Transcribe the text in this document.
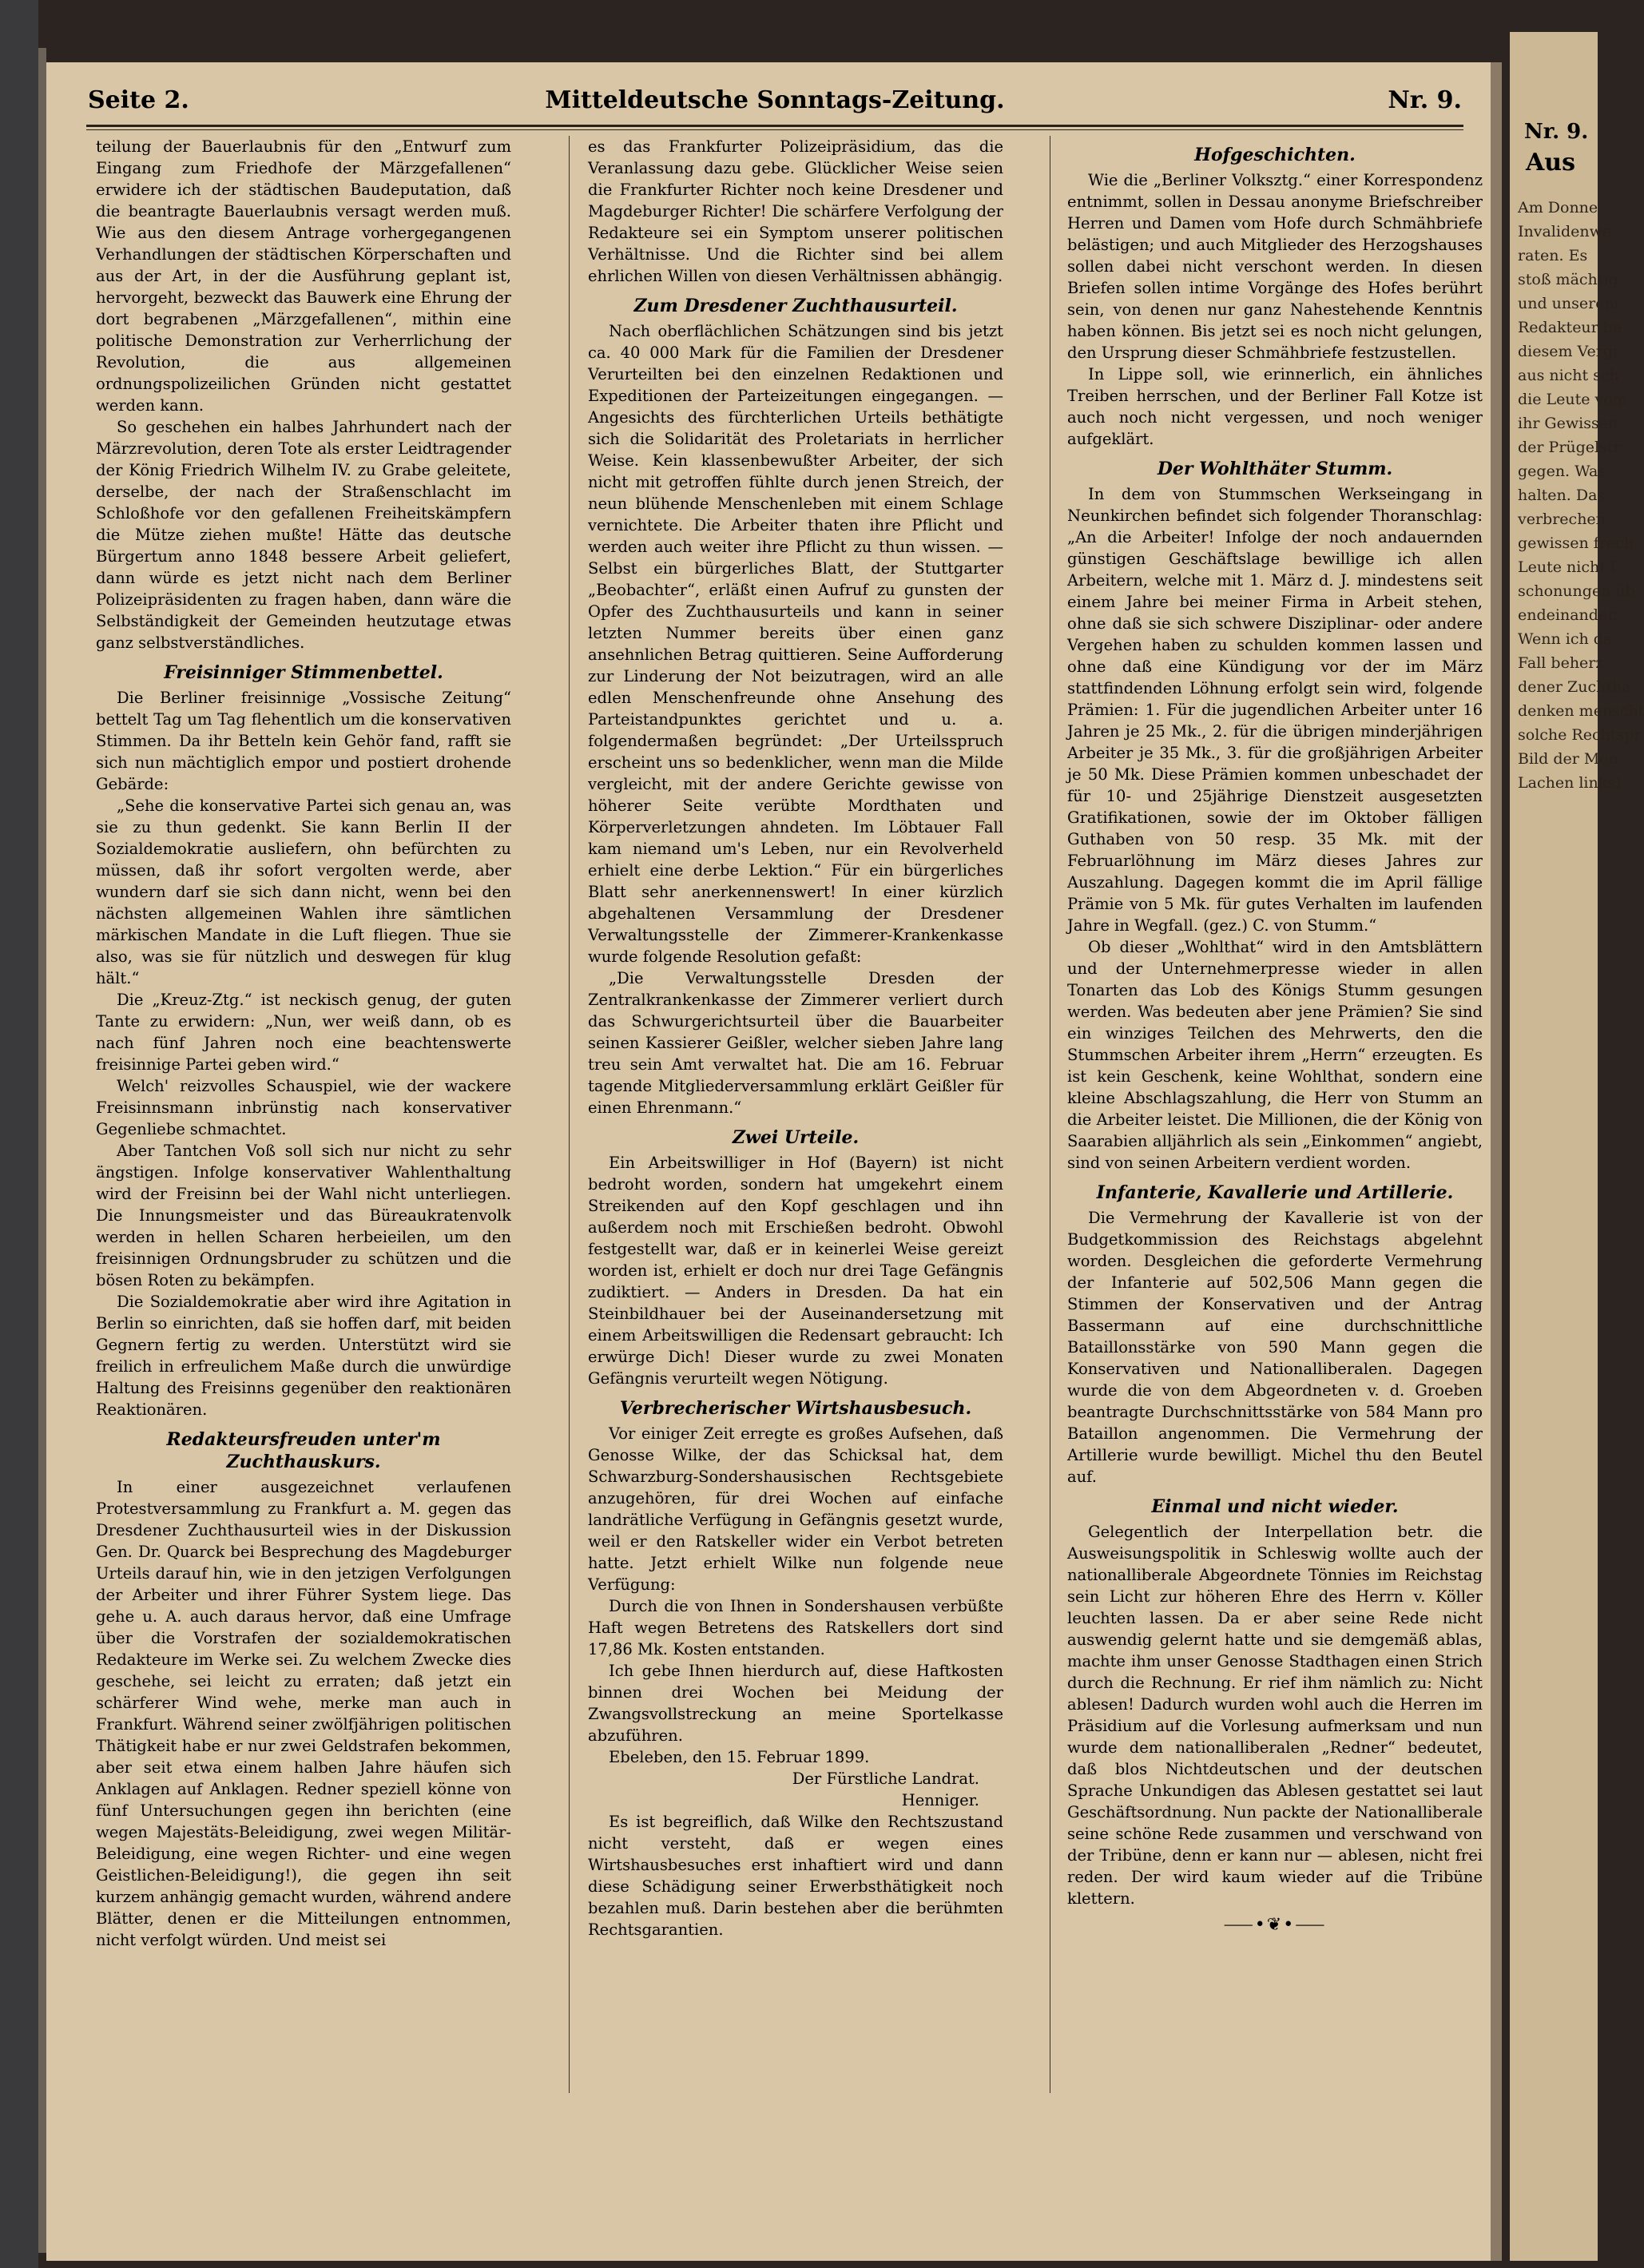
Nr. 9.
Aus
Am Donne
Invalidenwe
raten. Es
stoß mächtig
und unserem
Redakteur be
diesem Vergi
aus nicht sch
die Leute vom
ihr Gewissen
der Prügelstr
gegen. Was
halten. Das
verbrechen
gewissen frech
Leute nicht f
schonungen üb
endeinander.
Wenn ich da
Fall beherz
dener Zuchtha
denken menscht
solche Rechtspr
Bild der Men
Lachen links)
Seite 2.	Mitteldeutsche Sonntags-Zeitung.	Nr. 9.

teilung der Bauerlaubnis für den „Entwurf zum Eingang zum Friedhofe der Märzgefallenen“ erwidere ich der städtischen Baudeputation, daß die beantragte Bauerlaubnis versagt werden muß. Wie aus den diesem Antrage vorhergegangenen Verhandlungen der städtischen Körperschaften und aus der Art, in der die Ausführung geplant ist, hervorgeht, bezweckt das Bauwerk eine Ehrung der dort begrabenen „Märzgefallenen“, mithin eine politische Demonstration zur Verherrlichung der Revolution, die aus allgemeinen ordnungspolizeilichen Gründen nicht gestattet werden kann.

So geschehen ein halbes Jahrhundert nach der Märzrevolution, deren Tote als erster Leidtragender der König Friedrich Wilhelm IV. zu Grabe geleitete, derselbe, der nach der Straßenschlacht im Schloßhofe vor den gefallenen Freiheitskämpfern die Mütze ziehen mußte! Hätte das deutsche Bürgertum anno 1848 bessere Arbeit geliefert, dann würde es jetzt nicht nach dem Berliner Polizeipräsidenten zu fragen haben, dann wäre die Selbständigkeit der Gemeinden heutzutage etwas ganz selbstverständliches.

Freisinniger Stimmenbettel.

Die Berliner freisinnige „Vossische Zeitung“ bettelt Tag um Tag flehentlich um die konservativen Stimmen. Da ihr Betteln kein Gehör fand, rafft sie sich nun mächtiglich empor und postiert drohende Gebärde:

„Sehe die konservative Partei sich genau an, was sie zu thun gedenkt. Sie kann Berlin II der Sozialdemokratie ausliefern, ohn befürchten zu müssen, daß ihr sofort vergolten werde, aber wundern darf sie sich dann nicht, wenn bei den nächsten allgemeinen Wahlen ihre sämtlichen märkischen Mandate in die Luft fliegen. Thue sie also, was sie für nützlich und deswegen für klug hält.“

Die „Kreuz-Ztg.“ ist neckisch genug, der guten Tante zu erwidern: „Nun, wer weiß dann, ob es nach fünf Jahren noch eine beachtenswerte freisinnige Partei geben wird.“

Welch' reizvolles Schauspiel, wie der wackere Freisinnsmann inbrünstig nach konservativer Gegenliebe schmachtet.

Aber Tantchen Voß soll sich nur nicht zu sehr ängstigen. Infolge konservativer Wahlenthaltung wird der Freisinn bei der Wahl nicht unterliegen. Die Innungsmeister und das Büreaukratenvolk werden in hellen Scharen herbeieilen, um den freisinnigen Ordnungsbruder zu schützen und die bösen Roten zu bekämpfen.

Die Sozialdemokratie aber wird ihre Agitation in Berlin so einrichten, daß sie hoffen darf, mit beiden Gegnern fertig zu werden. Unterstützt wird sie freilich in erfreulichem Maße durch die unwürdige Haltung des Freisinns gegenüber den reaktionären Reaktionären.

Redakteursfreuden unter'm Zuchthauskurs.

In einer ausgezeichnet verlaufenen Protestversammlung zu Frankfurt a. M. gegen das Dresdener Zuchthausurteil wies in der Diskussion Gen. Dr. Quarck bei Besprechung des Magdeburger Urteils darauf hin, wie in den jetzigen Verfolgungen der Arbeiter und ihrer Führer System liege. Das gehe u. A. auch daraus hervor, daß eine Umfrage über die Vorstrafen der sozialdemokratischen Redakteure im Werke sei. Zu welchem Zwecke dies geschehe, sei leicht zu erraten; daß jetzt ein schärferer Wind wehe, merke man auch in Frankfurt. Während seiner zwölfjährigen politischen Thätigkeit habe er nur zwei Geldstrafen bekommen, aber seit etwa einem halben Jahre häufen sich Anklagen auf Anklagen. Redner speziell könne von fünf Untersuchungen gegen ihn berichten (eine wegen Majestäts-Beleidigung, zwei wegen Militär-Beleidigung, eine wegen Richter- und eine wegen Geistlichen-Beleidigung!), die gegen ihn seit kurzem anhängig gemacht wurden, während andere Blätter, denen er die Mitteilungen entnommen, nicht verfolgt würden. Und meist sei

es das Frankfurter Polizeipräsidium, das die Veranlassung dazu gebe. Glücklicher Weise seien die Frankfurter Richter noch keine Dresdener und Magdeburger Richter! Die schärfere Verfolgung der Redakteure sei ein Symptom unserer politischen Verhältnisse. Und die Richter sind bei allem ehrlichen Willen von diesen Verhältnissen abhängig.

Zum Dresdener Zuchthausurteil.

Nach oberflächlichen Schätzungen sind bis jetzt ca. 40 000 Mark für die Familien der Dresdener Verurteilten bei den einzelnen Redaktionen und Expeditionen der Parteizeitungen eingegangen. — Angesichts des fürchterlichen Urteils bethätigte sich die Solidarität des Proletariats in herrlicher Weise. Kein klassenbewußter Arbeiter, der sich nicht mit getroffen fühlte durch jenen Streich, der neun blühende Menschenleben mit einem Schlage vernichtete. Die Arbeiter thaten ihre Pflicht und werden auch weiter ihre Pflicht zu thun wissen. — Selbst ein bürgerliches Blatt, der Stuttgarter „Beobachter“, erläßt einen Aufruf zu gunsten der Opfer des Zuchthausurteils und kann in seiner letzten Nummer bereits über einen ganz ansehnlichen Betrag quittieren. Seine Aufforderung zur Linderung der Not beizutragen, wird an alle edlen Menschenfreunde ohne Ansehung des Parteistandpunktes gerichtet und u. a. folgendermaßen begründet: „Der Urteilsspruch erscheint uns so bedenklicher, wenn man die Milde vergleicht, mit der andere Gerichte gewisse von höherer Seite verübte Mordthaten und Körperverletzungen ahndeten. Im Löbtauer Fall kam niemand um's Leben, nur ein Revolverheld erhielt eine derbe Lektion.“ Für ein bürgerliches Blatt sehr anerkennenswert! In einer kürzlich abgehaltenen Versammlung der Dresdener Verwaltungsstelle der Zimmerer-Krankenkasse wurde folgende Resolution gefaßt:

„Die Verwaltungsstelle Dresden der Zentralkrankenkasse der Zimmerer verliert durch das Schwurgerichtsurteil über die Bauarbeiter seinen Kassierer Geißler, welcher sieben Jahre lang treu sein Amt verwaltet hat. Die am 16. Februar tagende Mitgliederversammlung erklärt Geißler für einen Ehrenmann.“

Zwei Urteile.

Ein Arbeitswilliger in Hof (Bayern) ist nicht bedroht worden, sondern hat umgekehrt einem Streikenden auf den Kopf geschlagen und ihn außerdem noch mit Erschießen bedroht. Obwohl festgestellt war, daß er in keinerlei Weise gereizt worden ist, erhielt er doch nur drei Tage Gefängnis zudiktiert. — Anders in Dresden. Da hat ein Steinbildhauer bei der Auseinandersetzung mit einem Arbeitswilligen die Redensart gebraucht: Ich erwürge Dich! Dieser wurde zu zwei Monaten Gefängnis verurteilt wegen Nötigung.

Verbrecherischer Wirtshausbesuch.

Vor einiger Zeit erregte es großes Aufsehen, daß Genosse Wilke, der das Schicksal hat, dem Schwarzburg-Sondershausischen Rechtsgebiete anzugehören, für drei Wochen auf einfache landrätliche Verfügung in Gefängnis gesetzt wurde, weil er den Ratskeller wider ein Verbot betreten hatte. Jetzt erhielt Wilke nun folgende neue Verfügung:

Durch die von Ihnen in Sondershausen verbüßte Haft wegen Betretens des Ratskellers dort sind 17,86 Mk. Kosten entstanden.

Ich gebe Ihnen hierdurch auf, diese Haftkosten binnen drei Wochen bei Meidung der Zwangsvollstreckung an meine Sportelkasse abzuführen.

Ebeleben, den 15. Februar 1899.

Der Fürstliche Landrat.

Henniger.

Es ist begreiflich, daß Wilke den Rechtszustand nicht versteht, daß er wegen eines Wirtshausbesuches erst inhaftiert wird und dann diese Schädigung seiner Erwerbsthätigkeit noch bezahlen muß. Darin bestehen aber die berühmten Rechtsgarantien.

Hofgeschichten.

Wie die „Berliner Volksztg.“ einer Korrespondenz entnimmt, sollen in Dessau anonyme Briefschreiber Herren und Damen vom Hofe durch Schmähbriefe belästigen; und auch Mitglieder des Herzogshauses sollen dabei nicht verschont werden. In diesen Briefen sollen intime Vorgänge des Hofes berührt sein, von denen nur ganz Nahestehende Kenntnis haben können. Bis jetzt sei es noch nicht gelungen, den Ursprung dieser Schmähbriefe festzustellen.

In Lippe soll, wie erinnerlich, ein ähnliches Treiben herrschen, und der Berliner Fall Kotze ist auch noch nicht vergessen, und noch weniger aufgeklärt.

Der Wohlthäter Stumm.

In dem von Stummschen Werkseingang in Neunkirchen befindet sich folgender Thoranschlag: „An die Arbeiter! Infolge der noch andauernden günstigen Geschäftslage bewillige ich allen Arbeitern, welche mit 1. März d. J. mindestens seit einem Jahre bei meiner Firma in Arbeit stehen, ohne daß sie sich schwere Disziplinar- oder andere Vergehen haben zu schulden kommen lassen und ohne daß eine Kündigung vor der im März stattfindenden Löhnung erfolgt sein wird, folgende Prämien: 1. Für die jugendlichen Arbeiter unter 16 Jahren je 25 Mk., 2. für die übrigen minderjährigen Arbeiter je 35 Mk., 3. für die großjährigen Arbeiter je 50 Mk. Diese Prämien kommen unbeschadet der für 10- und 25jährige Dienstzeit ausgesetzten Gratifikationen, sowie der im Oktober fälligen Guthaben von 50 resp. 35 Mk. mit der Februarlöhnung im März dieses Jahres zur Auszahlung. Dagegen kommt die im April fällige Prämie von 5 Mk. für gutes Verhalten im laufenden Jahre in Wegfall. (gez.) C. von Stumm.“

Ob dieser „Wohlthat“ wird in den Amtsblättern und der Unternehmerpresse wieder in allen Tonarten das Lob des Königs Stumm gesungen werden. Was bedeuten aber jene Prämien? Sie sind ein winziges Teilchen des Mehrwerts, den die Stummschen Arbeiter ihrem „Herrn“ erzeugten. Es ist kein Geschenk, keine Wohlthat, sondern eine kleine Abschlagszahlung, die Herr von Stumm an die Arbeiter leistet. Die Millionen, die der König von Saarabien alljährlich als sein „Einkommen“ angiebt, sind von seinen Arbeitern verdient worden.

Infanterie, Kavallerie und Artillerie.

Die Vermehrung der Kavallerie ist von der Budgetkommission des Reichstags abgelehnt worden. Desgleichen die geforderte Vermehrung der Infanterie auf 502,506 Mann gegen die Stimmen der Konservativen und der Antrag Bassermann auf eine durchschnittliche Bataillonsstärke von 590 Mann gegen die Konservativen und Nationalliberalen. Dagegen wurde die von dem Abgeordneten v. d. Groeben beantragte Durchschnittsstärke von 584 Mann pro Bataillon angenommen. Die Vermehrung der Artillerie wurde bewilligt. Michel thu den Beutel auf.

Einmal und nicht wieder.

Gelegentlich der Interpellation betr. die Ausweisungspolitik in Schleswig wollte auch der nationalliberale Abgeordnete Tönnies im Reichstag sein Licht zur höheren Ehre des Herrn v. Köller leuchten lassen. Da er aber seine Rede nicht auswendig gelernt hatte und sie demgemäß ablas, machte ihm unser Genosse Stadthagen einen Strich durch die Rechnung. Er rief ihm nämlich zu: Nicht ablesen! Dadurch wurden wohl auch die Herren im Präsidium auf die Vorlesung aufmerksam und nun wurde dem nationalliberalen „Redner“ bedeutet, daß blos Nichtdeutschen und der deutschen Sprache Unkundigen das Ablesen gestattet sei laut Geschäftsordnung. Nun packte der Nationalliberale seine schöne Rede zusammen und verschwand von der Tribüne, denn er kann nur — ablesen, nicht frei reden. Der wird kaum wieder auf die Tribüne klettern.

⸺•❦•⸺
